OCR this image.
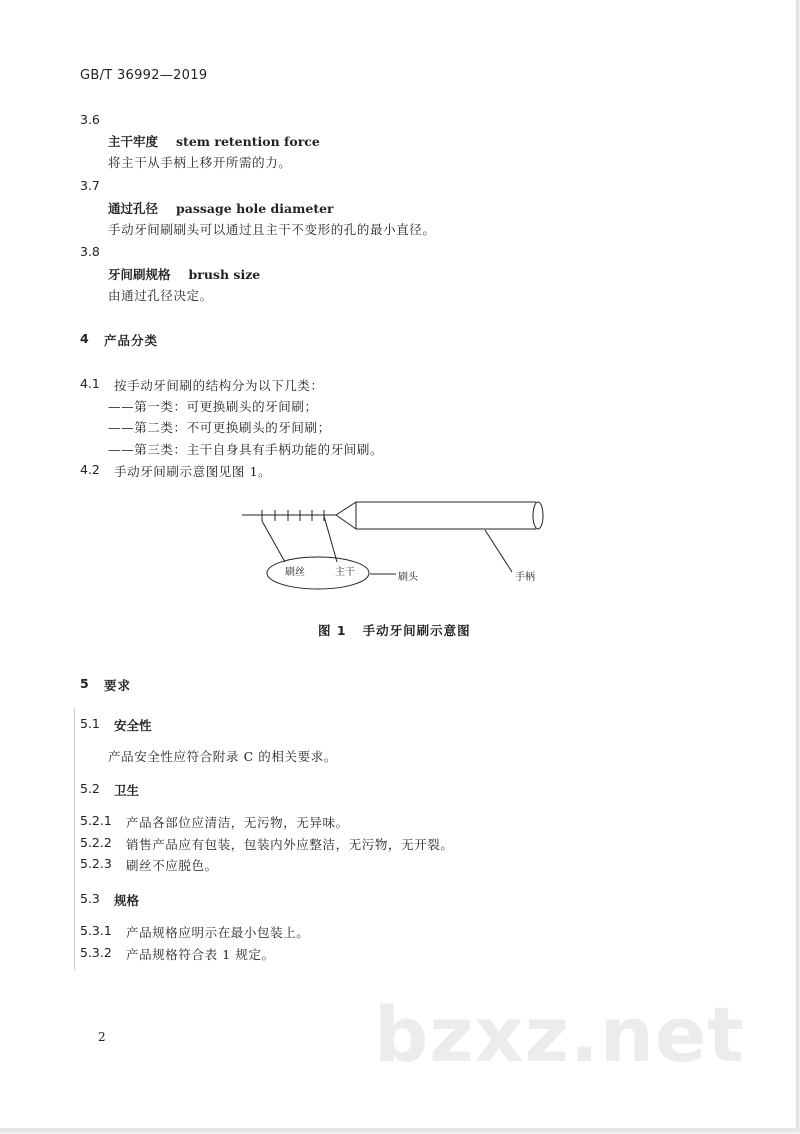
GB/T 36992—2019
3.6
主干牢度 stem retention force
将主干从手柄上移开所需的力。
3.7
通过孔径 passage hole diameter
手动牙间刷刷头可以通过且主干不变形的孔的最小直径。
3.8
牙间刷规格 brush size
由通过孔径决定。
4 产品分类
4.1 按手动牙间刷的结构分为以下几类：
——第一类：可更换刷头的牙间刷；
——第二类：不可更换刷头的牙间刷；
——第三类：主干自身具有手柄功能的牙间刷。
4.2 手动牙间刷示意图见图 1。
刷丝	主干	刷头	手柄
图 1 手动牙间刷示意图
5 要求
5.1 安全性
产品安全性应符合附录 C 的相关要求。
5.2 卫生
5.2.1 产品各部位应清洁，无污物，无异味。
5.2.2 销售产品应有包装，包装内外应整洁，无污物，无开裂。
5.2.3 刷丝不应脱色。
5.3 规格
5.3.1 产品规格应明示在最小包装上。
5.3.2 产品规格符合表 1 规定。
bzxz.net
2
